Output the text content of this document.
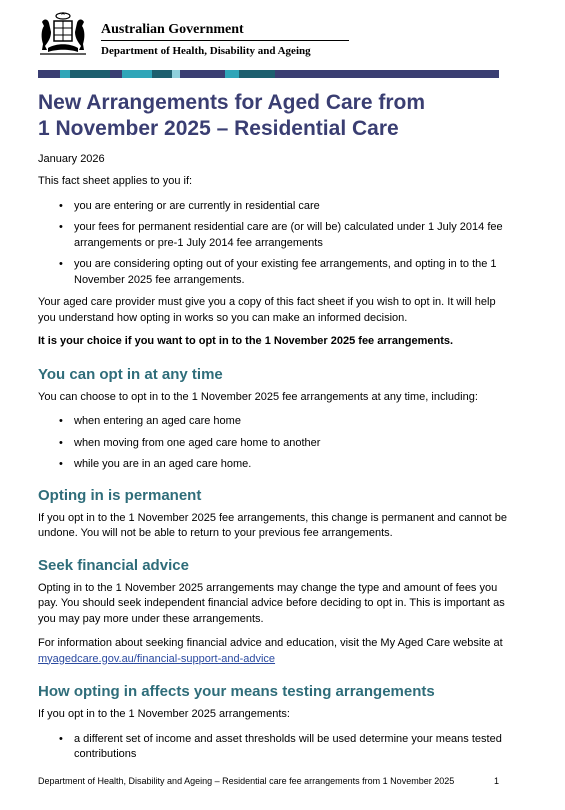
Australian Government
Department of Health, Disability and Ageing
New Arrangements for Aged Care from
1 November 2025 – Residential Care
January 2026

This fact sheet applies to you if:

• you are entering or are currently in residential care
• your fees for permanent residential care are (or will be) calculated under 1 July 2014 fee arrangements or pre-1 July 2014 fee arrangements
• you are considering opting out of your existing fee arrangements, and opting in to the 1 November 2025 fee arrangements.

Your aged care provider must give you a copy of this fact sheet if you wish to opt in. It will help you understand how opting in works so you can make an informed decision.

It is your choice if you want to opt in to the 1 November 2025 fee arrangements.

You can opt in at any time

You can choose to opt in to the 1 November 2025 fee arrangements at any time, including:

• when entering an aged care home
• when moving from one aged care home to another
• while you are in an aged care home.
Opting in is permanent

If you opt in to the 1 November 2025 fee arrangements, this change is permanent and cannot be undone. You will not be able to return to your previous fee arrangements.

Seek financial advice

Opting in to the 1 November 2025 arrangements may change the type and amount of fees you pay. You should seek independent financial advice before deciding to opt in. This is important as you may pay more under these arrangements.

For information about seeking financial advice and education, visit the My Aged Care website at myagedcare.gov.au/financial-support-and-advice

How opting in affects your means testing arrangements

If you opt in to the 1 November 2025 arrangements:

• a different set of income and asset thresholds will be used determine your means tested contributions
Department of Health, Disability and Ageing – Residential care fee arrangements from 1 November 2025	1
